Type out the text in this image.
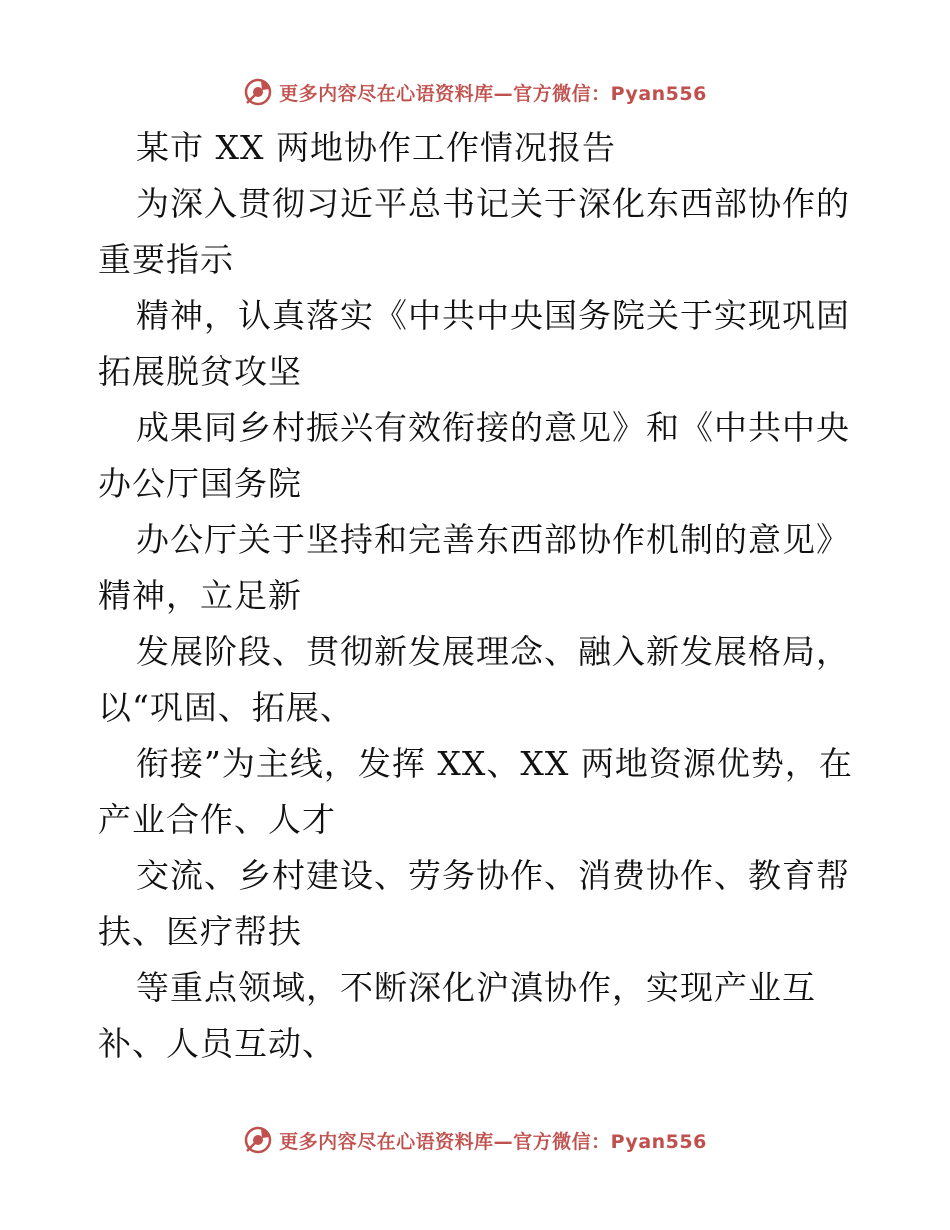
更多内容尽在心语资料库—官方微信：Pyan556
某市 XX 两地协作工作情况报告
为深入贯彻习近平总书记关于深化东西部协作的
重要指示
精神，认真落实《中共中央国务院关于实现巩固
拓展脱贫攻坚
成果同乡村振兴有效衔接的意见》和《中共中央
办公厅国务院
办公厅关于坚持和完善东西部协作机制的意见》
精神，立足新
发展阶段、贯彻新发展理念、融入新发展格局，
以“巩固、拓展、
衔接”为主线，发挥 XX、XX 两地资源优势，在
产业合作、人才
交流、乡村建设、劳务协作、消费协作、教育帮
扶、医疗帮扶
等重点领域，不断深化沪滇协作，实现产业互
补、人员互动、
更多内容尽在心语资料库—官方微信：Pyan556
